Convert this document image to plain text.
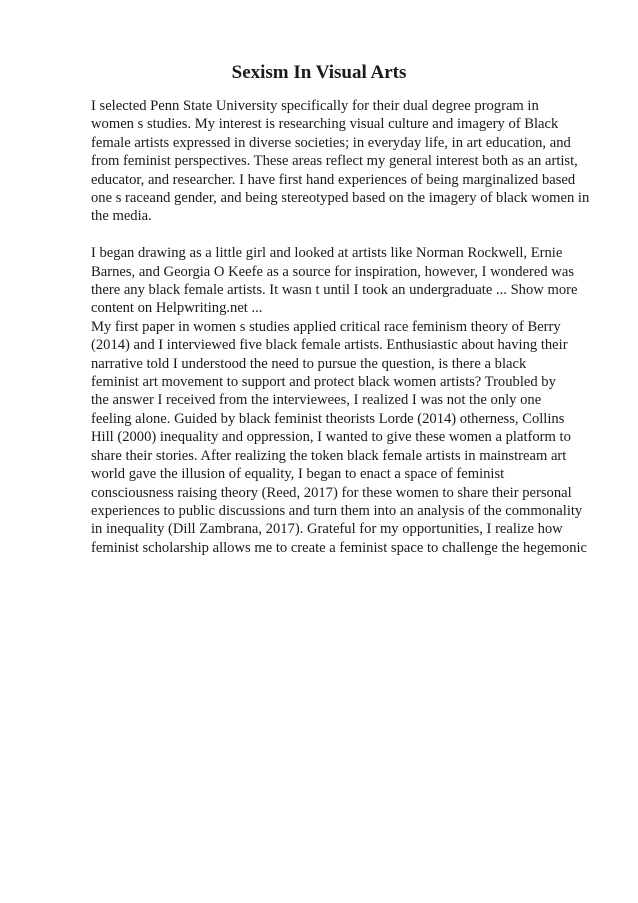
Sexism In Visual Arts
I selected Penn State University specifically for their dual degree program in
women s studies. My interest is researching visual culture and imagery of Black
female artists expressed in diverse societies; in everyday life, in art education, and
from feminist perspectives. These areas reflect my general interest both as an artist,
educator, and researcher. I have first hand experiences of being marginalized based
one s raceand gender, and being stereotyped based on the imagery of black women in
the media.
I began drawing as a little girl and looked at artists like Norman Rockwell, Ernie
Barnes, and Georgia O Keefe as a source for inspiration, however, I wondered was
there any black female artists. It wasn t until I took an undergraduate ... Show more
content on Helpwriting.net ...
My first paper in women s studies applied critical race feminism theory of Berry
(2014) and I interviewed five black female artists. Enthusiastic about having their
narrative told I understood the need to pursue the question, is there a black
feminist art movement to support and protect black women artists? Troubled by
the answer I received from the interviewees, I realized I was not the only one
feeling alone. Guided by black feminist theorists Lorde (2014) otherness, Collins
Hill (2000) inequality and oppression, I wanted to give these women a platform to
share their stories. After realizing the token black female artists in mainstream art
world gave the illusion of equality, I began to enact a space of feminist
consciousness raising theory (Reed, 2017) for these women to share their personal
experiences to public discussions and turn them into an analysis of the commonality
in inequality (Dill Zambrana, 2017). Grateful for my opportunities, I realize how
feminist scholarship allows me to create a feminist space to challenge the hegemonic
